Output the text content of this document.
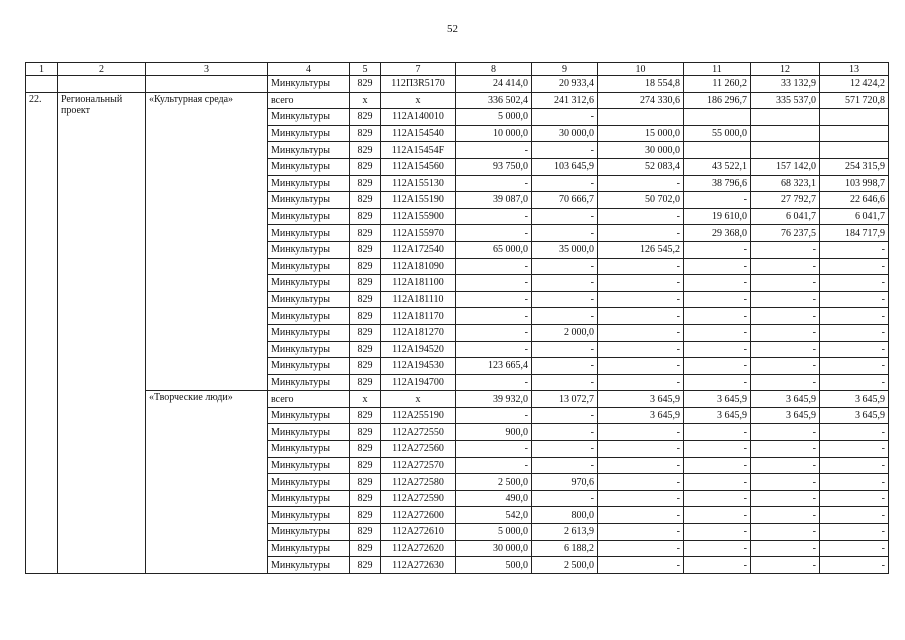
52
1	2	3	4	5	7	8	9	10	11	12	13
			Минкультуры	829	112П3R5170	24 414,0	20 933,4	18 554,8	11 260,2	33 132,9	12 424,2
22.	Региональный проект	«Культурная среда»	всего	х	х	336 502,4	241 312,6	274 330,6	186 296,7	335 537,0	571 720,8
			Минкультуры	829	112А140010	5 000,0	-				
			Минкультуры	829	112А154540	10 000,0	30 000,0	15 000,0	55 000,0		
			Минкультуры	829	112А15454F	-	-	30 000,0			
			Минкультуры	829	112А154560	93 750,0	103 645,9	52 083,4	43 522,1	157 142,0	254 315,9
			Минкультуры	829	112А155130	-	-	-	38 796,6	68 323,1	103 998,7
			Минкультуры	829	112А155190	39 087,0	70 666,7	50 702,0	-	27 792,7	22 646,6
			Минкультуры	829	112А155900	-	-	-	19 610,0	6 041,7	6 041,7
			Минкультуры	829	112А155970	-	-	-	29 368,0	76 237,5	184 717,9
			Минкультуры	829	112А172540	65 000,0	35 000,0	126 545,2	-	-	-
			Минкультуры	829	112А181090	-	-	-	-	-	-
			Минкультуры	829	112А181100	-	-	-	-	-	-
			Минкультуры	829	112А181110	-	-	-	-	-	-
			Минкультуры	829	112А181170	-	-	-	-	-	-
			Минкультуры	829	112А181270	-	2 000,0	-	-	-	-
			Минкультуры	829	112А194520	-	-	-	-	-	-
			Минкультуры	829	112А194530	123 665,4	-	-	-	-	-
			Минкультуры	829	112А194700	-	-	-	-	-	-
		«Творческие люди»	всего	х	х	39 932,0	13 072,7	3 645,9	3 645,9	3 645,9	3 645,9
			Минкультуры	829	112А255190	-	-	3 645,9	3 645,9	3 645,9	3 645,9
			Минкультуры	829	112А272550	900,0	-	-	-	-	-
			Минкультуры	829	112А272560	-	-	-	-	-	-
			Минкультуры	829	112А272570	-	-	-	-	-	-
			Минкультуры	829	112А272580	2 500,0	970,6	-	-	-	-
			Минкультуры	829	112А272590	490,0	-	-	-	-	-
			Минкультуры	829	112А272600	542,0	800,0	-	-	-	-
			Минкультуры	829	112А272610	5 000,0	2 613,9	-	-	-	-
			Минкультуры	829	112А272620	30 000,0	6 188,2	-	-	-	-
			Минкультуры	829	112А272630	500,0	2 500,0	-	-	-	-
